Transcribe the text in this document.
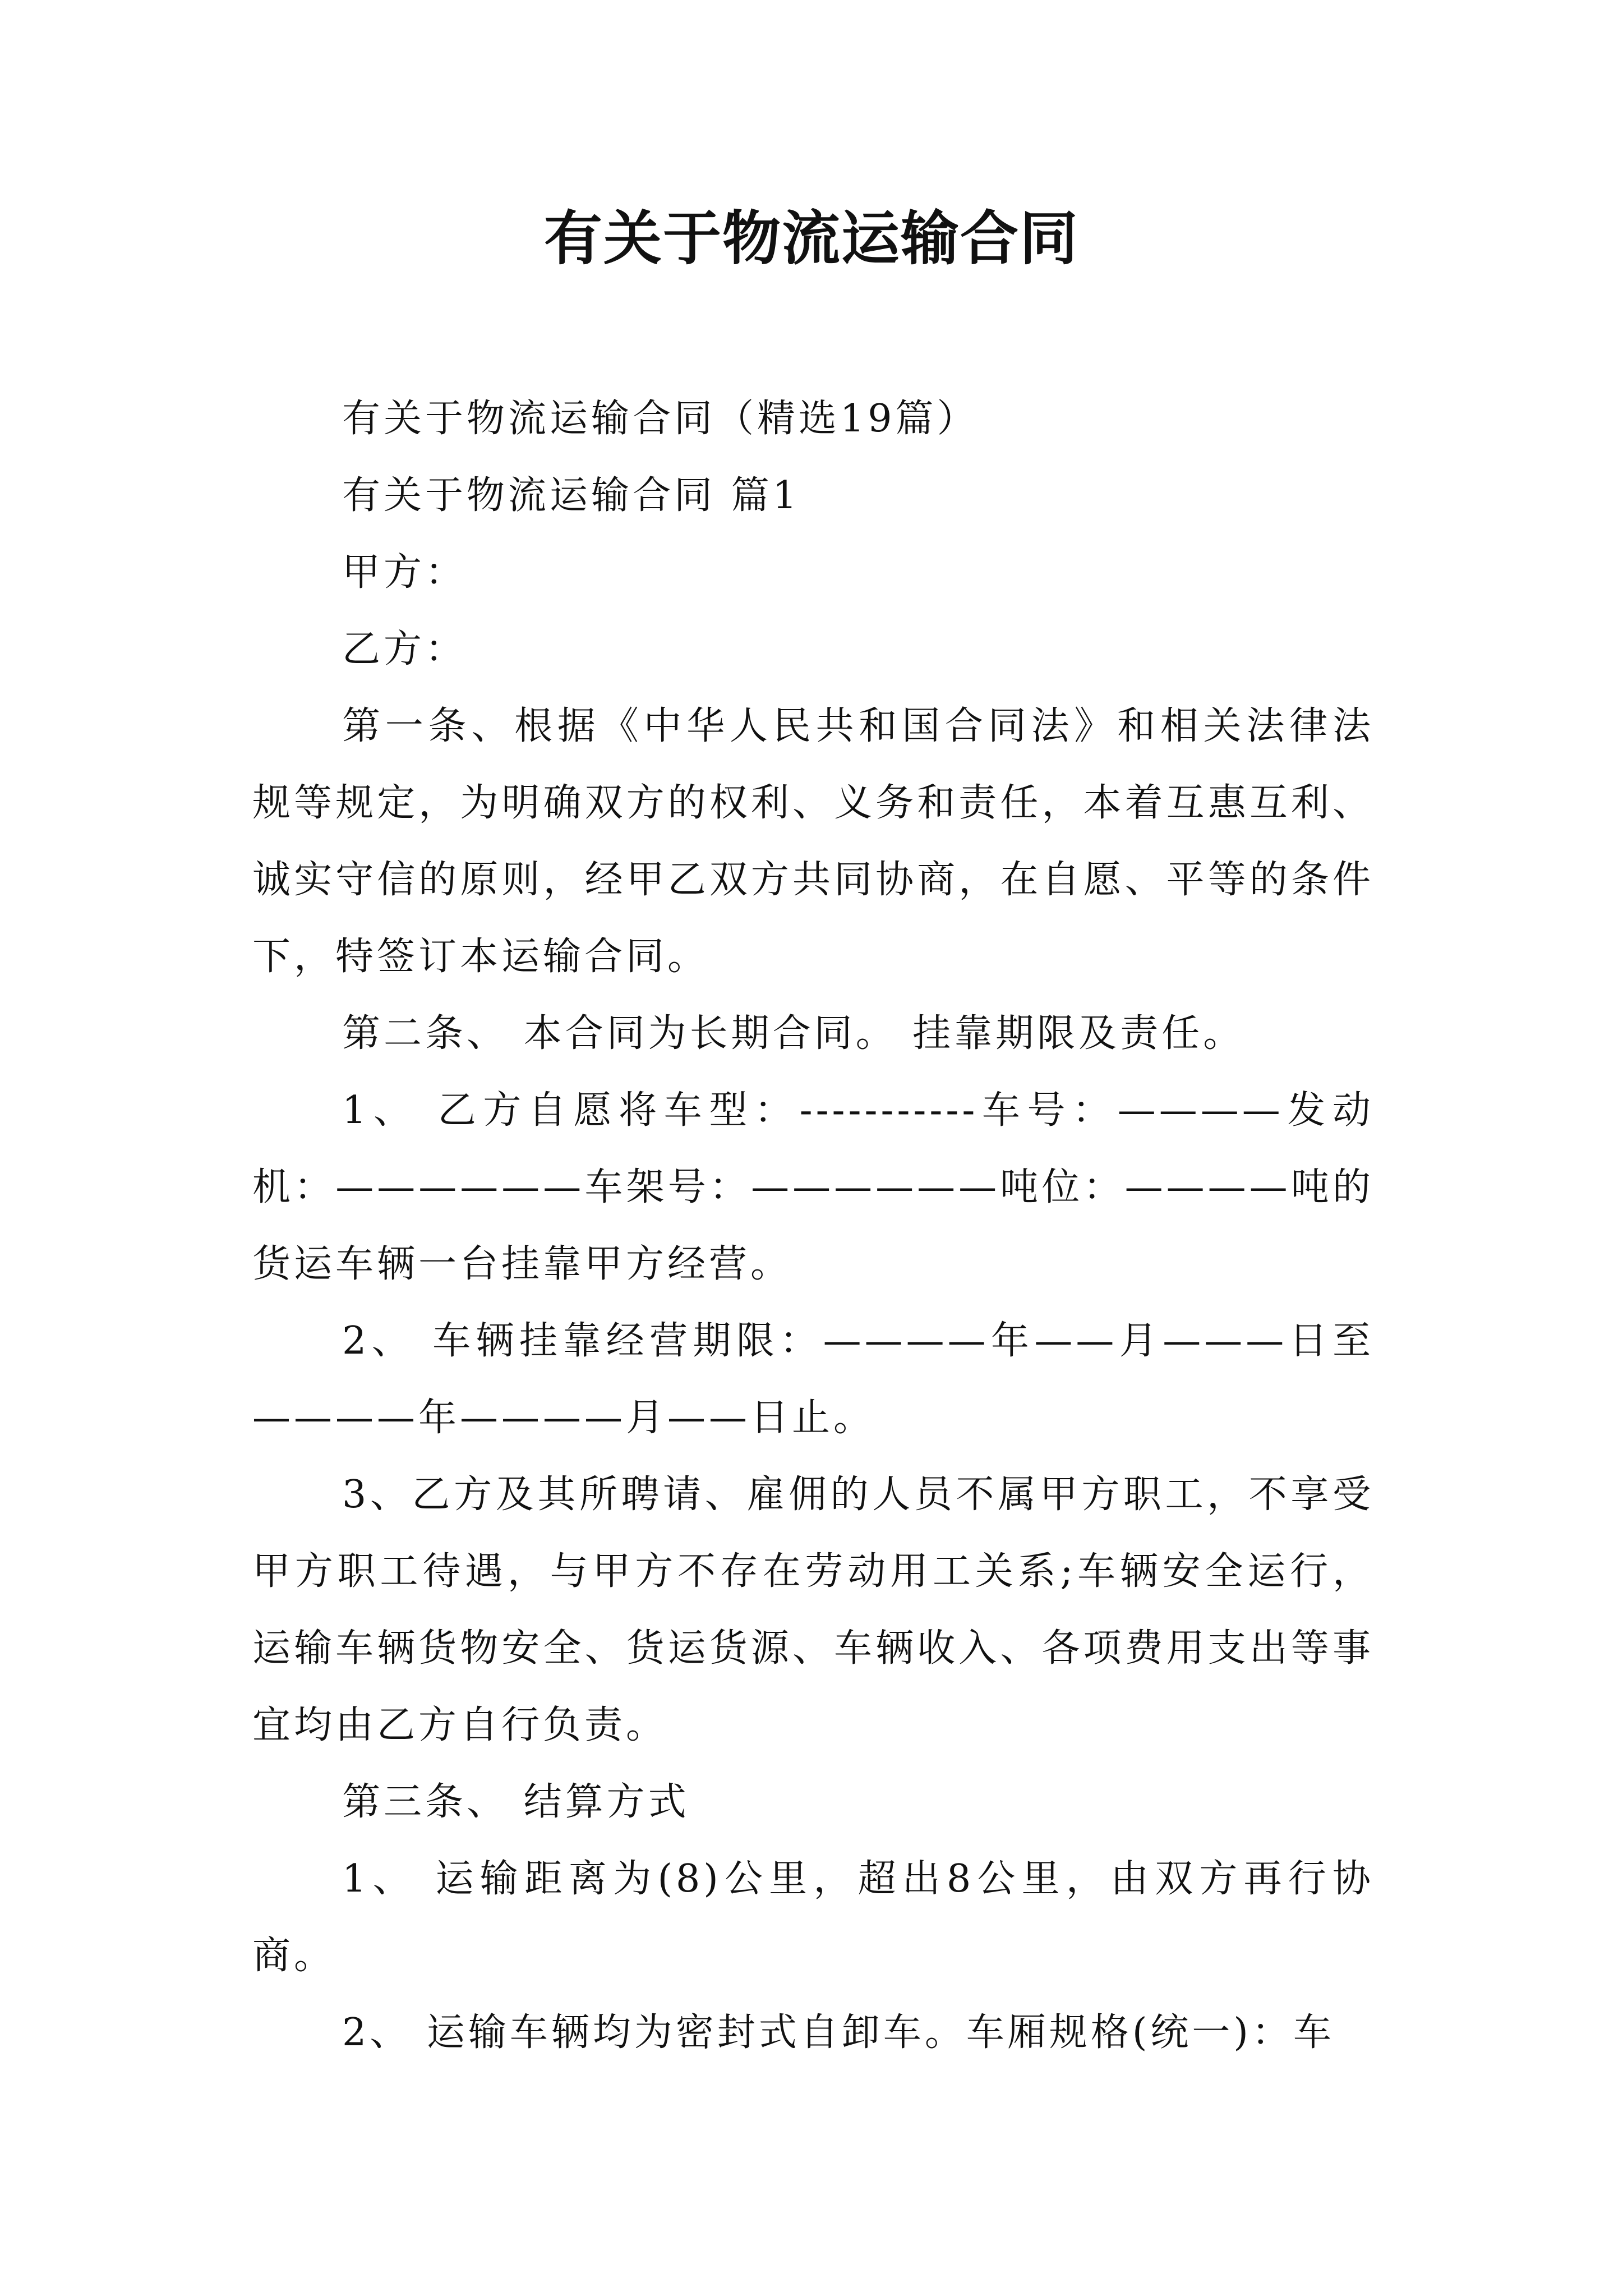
有关于物流运输合同

有关于物流运输合同（精选19篇）

有关于物流运输合同 篇1

甲方：

乙方：

第一条、根据《中华人民共和国合同法》和相关法律法规等规定，为明确双方的权利、义务和责任，本着互惠互利、诚实守信的原则，经甲乙双方共同协商，在自愿、平等的条件下，特签订本运输合同。

第二条、 本合同为长期合同。 挂靠期限及责任。

1、 乙方自愿将车型：-----------车号：————发动机：——————车架号：——————吨位：————吨的货运车辆一台挂靠甲方经营。

2、 车辆挂靠经营期限：————年——月———日至————年————月——日止。

3、乙方及其所聘请、雇佣的人员不属甲方职工，不享受甲方职工待遇，与甲方不存在劳动用工关系;车辆安全运行，运输车辆货物安全、货运货源、车辆收入、各项费用支出等事宜均由乙方自行负责。

第三条、 结算方式

1、 运输距离为(8)公里，超出8公里，由双方再行协商。

2、 运输车辆均为密封式自卸车。车厢规格(统一)：车
